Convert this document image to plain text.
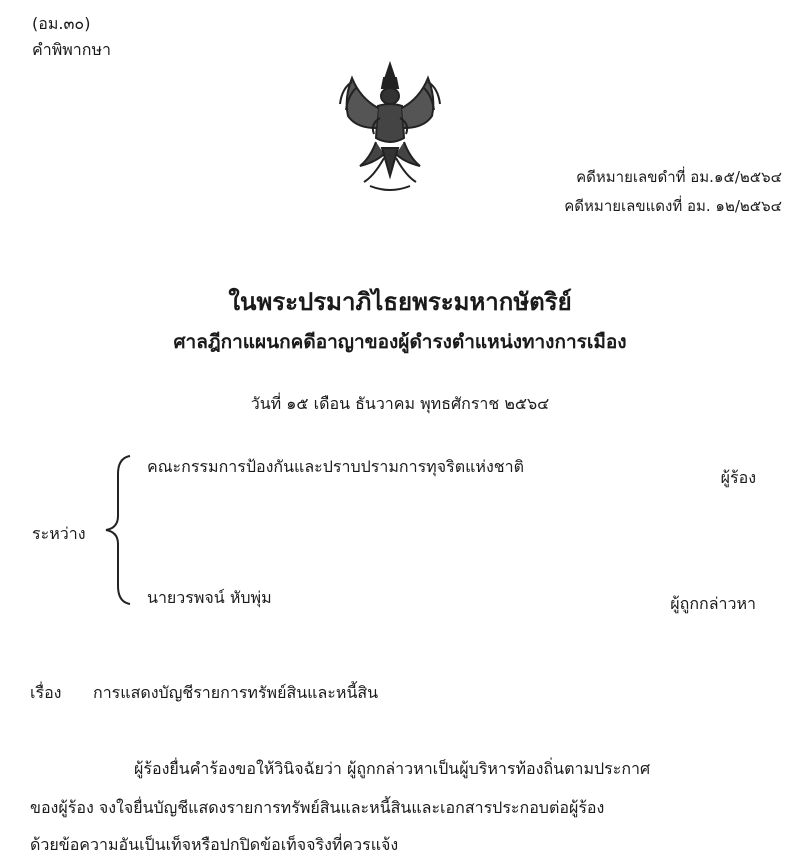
(อม.๓๐)
คำพิพากษา
คดีหมายเลขดำที่ อม.๑๕/๒๕๖๔
คดีหมายเลขแดงที่ อม. ๑๒/๒๕๖๔
ในพระปรมาภิไธยพระมหากษัตริย์
ศาลฎีกาแผนกคดีอาญาของผู้ดำรงตำแหน่งทางการเมือง
วันที่ ๑๕ เดือน ธันวาคม พุทธศักราช ๒๕๖๔
ระหว่าง
คณะกรรมการป้องกันและปราบปรามการทุจริตแห่งชาติ
ผู้ร้อง
นายวรพจน์ หับพุ่ม	ผู้ถูกกล่าวหา
เรื่อง การแสดงบัญชีรายการทรัพย์สินและหนี้สิน
ผู้ร้องยื่นคำร้องขอให้วินิจฉัยว่า ผู้ถูกกล่าวหาเป็นผู้บริหารท้องถิ่นตามประกาศ
ของผู้ร้อง จงใจยื่นบัญชีแสดงรายการทรัพย์สินและหนี้สินและเอกสารประกอบต่อผู้ร้อง
ด้วยข้อความอันเป็นเท็จหรือปกปิดข้อเท็จจริงที่ควรแจ้ง
